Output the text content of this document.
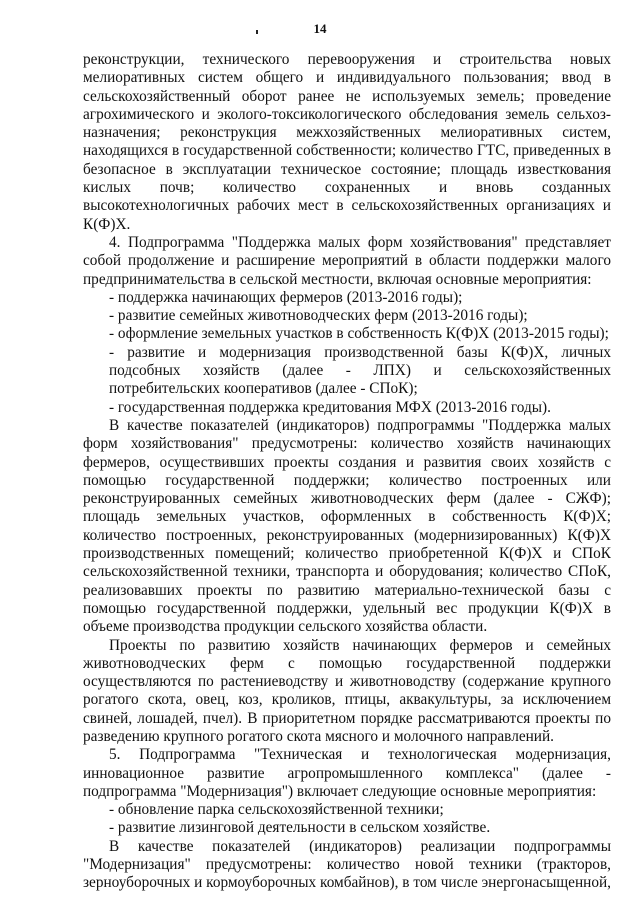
14

реконструкции, технического перевооружения и строительства новых мелиоративных систем общего и индивидуального пользования; ввод в сельскохозяйственный оборот ранее не используемых земель; проведение агрохимического и эколого-токсикологического обследования земель сельхоз-назначения; реконструкция межхозяйственных мелиоративных систем, находящихся в государственной собственности; количество ГТС, приведенных в безопасное в эксплуатации техническое состояние; площадь известкования кислых почв; количество сохраненных и вновь созданных высокотехнологичных рабочих мест в сельскохозяйственных организациях и К(Ф)Х.

4. Подпрограмма "Поддержка малых форм хозяйствования" представляет собой продолжение и расширение мероприятий в области поддержки малого предпринимательства в сельской местности, включая основные мероприятия:

- поддержка начинающих фермеров (2013-2016 годы);

- развитие семейных животноводческих ферм (2013-2016 годы);

- оформление земельных участков в собственность К(Ф)Х (2013-2015 годы);

- развитие и модернизация производственной базы К(Ф)Х, личных подсобных хозяйств (далее - ЛПХ) и сельскохозяйственных потребительских кооперативов (далее - СПоК);

- государственная поддержка кредитования МФХ (2013-2016 годы).

В качестве показателей (индикаторов) подпрограммы "Поддержка малых форм хозяйствования" предусмотрены: количество хозяйств начинающих фермеров, осуществивших проекты создания и развития своих хозяйств с помощью государственной поддержки; количество построенных или реконструированных семейных животноводческих ферм (далее - СЖФ); площадь земельных участков, оформленных в собственность К(Ф)Х; количество построенных, реконструированных (модернизированных) К(Ф)Х производственных помещений; количество приобретенной К(Ф)Х и СПоК сельскохозяйственной техники, транспорта и оборудования; количество СПоК, реализовавших проекты по развитию материально-технической базы с помощью государственной поддержки, удельный вес продукции К(Ф)Х в объеме производства продукции сельского хозяйства области.

Проекты по развитию хозяйств начинающих фермеров и семейных животноводческих ферм с помощью государственной поддержки осуществляются по растениеводству и животноводству (содержание крупного рогатого скота, овец, коз, кроликов, птицы, аквакультуры, за исключением свиней, лошадей, пчел). В приоритетном порядке рассматриваются проекты по разведению крупного рогатого скота мясного и молочного направлений.

5. Подпрограмма "Техническая и технологическая модернизация, инновационное развитие агропромышленного комплекса" (далее - подпрограмма "Модернизация") включает следующие основные мероприятия:

- обновление парка сельскохозяйственной техники;

- развитие лизинговой деятельности в сельском хозяйстве.

В качестве показателей (индикаторов) реализации подпрограммы "Модернизация" предусмотрены: количество новой техники (тракторов, зерноуборочных и кормоуборочных комбайнов), в том числе энергонасыщенной,
